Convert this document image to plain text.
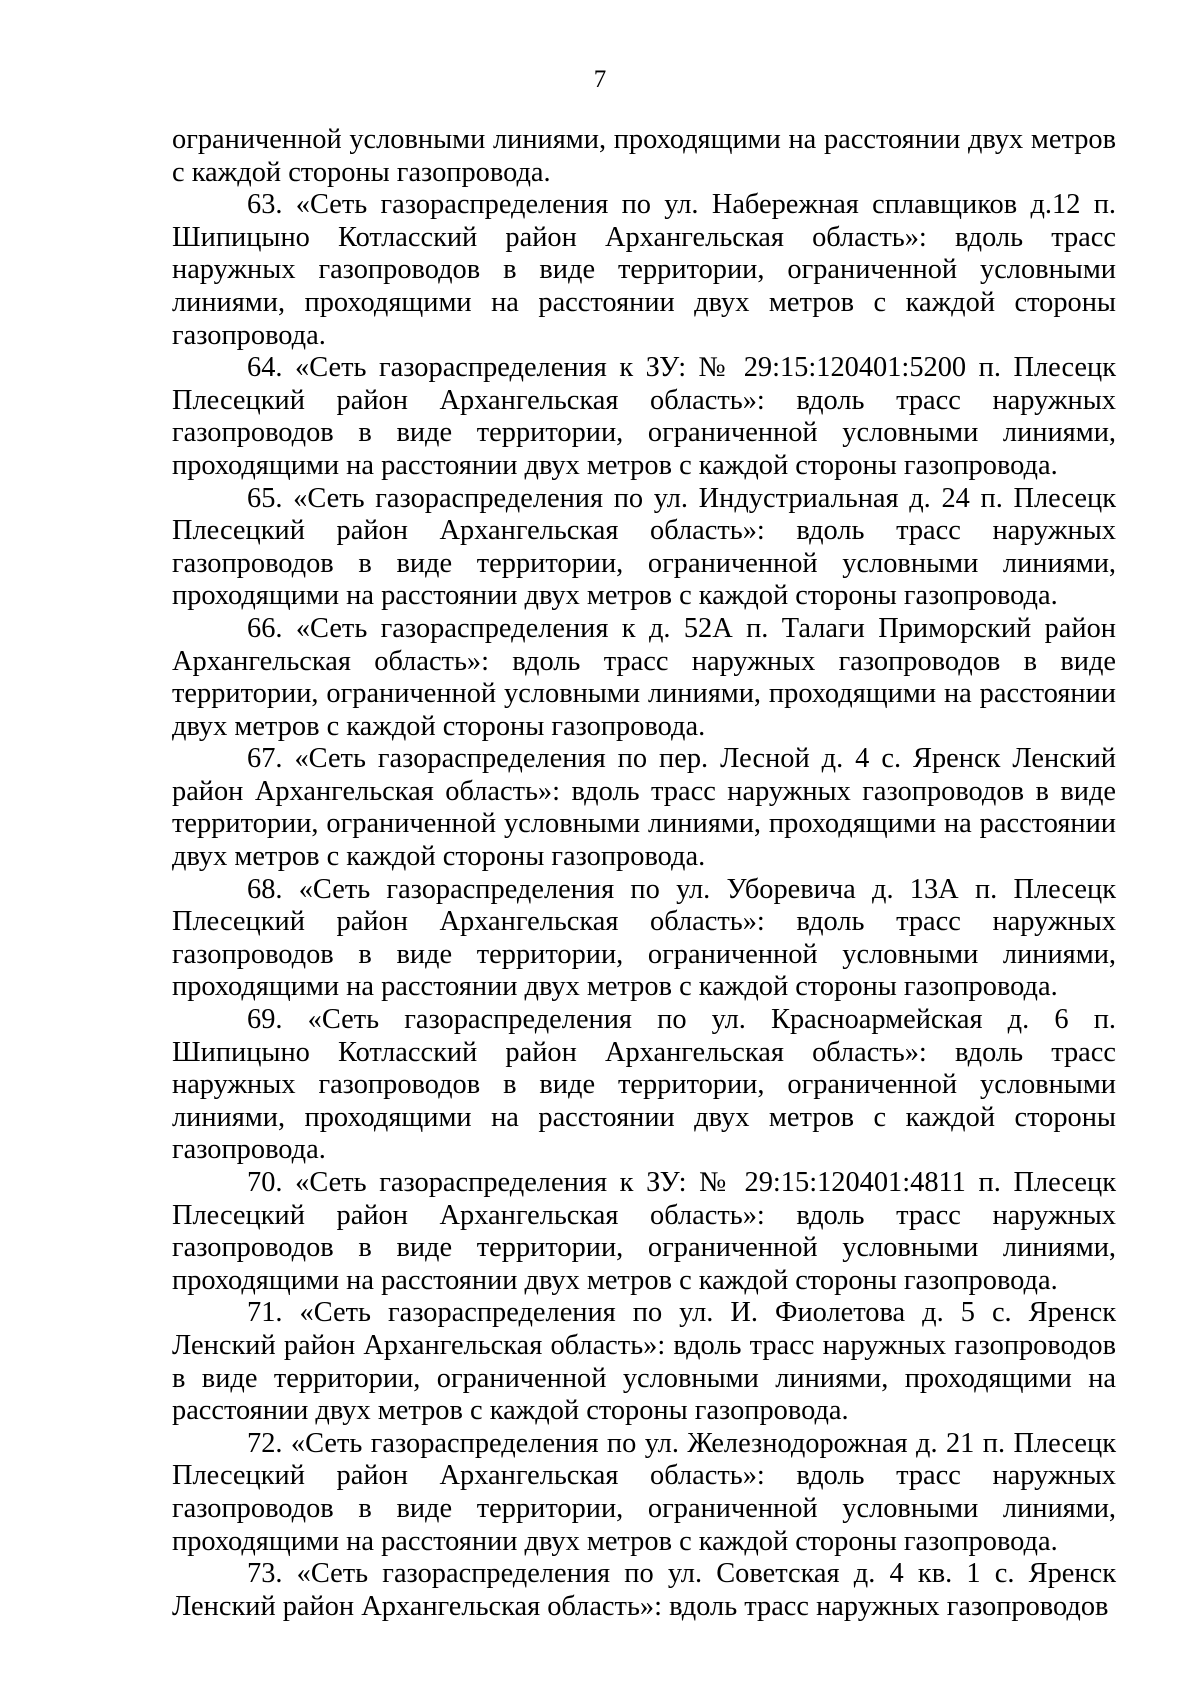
7

ограниченной условными линиями, проходящими на расстоянии двух метров с каждой стороны газопровода.

63. «Сеть газораспределения по ул. Набережная сплавщиков д.12 п. Шипицыно Котласский район Архангельская область»: вдоль трасс наружных газопроводов в виде территории, ограниченной условными линиями, проходящими на расстоянии двух метров с каждой стороны газопровода.

64. «Сеть газораспределения к ЗУ: № 29:15:120401:5200 п. Плесецк Плесецкий район Архангельская область»: вдоль трасс наружных газопроводов в виде территории, ограниченной условными линиями, проходящими на расстоянии двух метров с каждой стороны газопровода.

65. «Сеть газораспределения по ул. Индустриальная д. 24 п. Плесецк Плесецкий район Архангельская область»: вдоль трасс наружных газопроводов в виде территории, ограниченной условными линиями, проходящими на расстоянии двух метров с каждой стороны газопровода.

66. «Сеть газораспределения к д. 52А п. Талаги Приморский район Архангельская область»: вдоль трасс наружных газопроводов в виде территории, ограниченной условными линиями, проходящими на расстоянии двух метров с каждой стороны газопровода.

67. «Сеть газораспределения по пер. Лесной д. 4 с. Яренск Ленский район Архангельская область»: вдоль трасс наружных газопроводов в виде территории, ограниченной условными линиями, проходящими на расстоянии двух метров с каждой стороны газопровода.

68. «Сеть газораспределения по ул. Уборевича д. 13А п. Плесецк Плесецкий район Архангельская область»: вдоль трасс наружных газопроводов в виде территории, ограниченной условными линиями, проходящими на расстоянии двух метров с каждой стороны газопровода.

69. «Сеть газораспределения по ул. Красноармейская д. 6 п. Шипицыно Котласский район Архангельская область»: вдоль трасс наружных газопроводов в виде территории, ограниченной условными линиями, проходящими на расстоянии двух метров с каждой стороны газопровода.

70. «Сеть газораспределения к ЗУ: № 29:15:120401:4811 п. Плесецк Плесецкий район Архангельская область»: вдоль трасс наружных газопроводов в виде территории, ограниченной условными линиями, проходящими на расстоянии двух метров с каждой стороны газопровода.

71. «Сеть газораспределения по ул. И. Фиолетова д. 5 с. Яренск Ленский район Архангельская область»: вдоль трасс наружных газопроводов в виде территории, ограниченной условными линиями, проходящими на расстоянии двух метров с каждой стороны газопровода.

72. «Сеть газораспределения по ул. Железнодорожная д. 21 п. Плесецк Плесецкий район Архангельская область»: вдоль трасс наружных газопроводов в виде территории, ограниченной условными линиями, проходящими на расстоянии двух метров с каждой стороны газопровода.

73. «Сеть газораспределения по ул. Советская д. 4 кв. 1 с. Яренск Ленский район Архангельская область»: вдоль трасс наружных газопроводов
